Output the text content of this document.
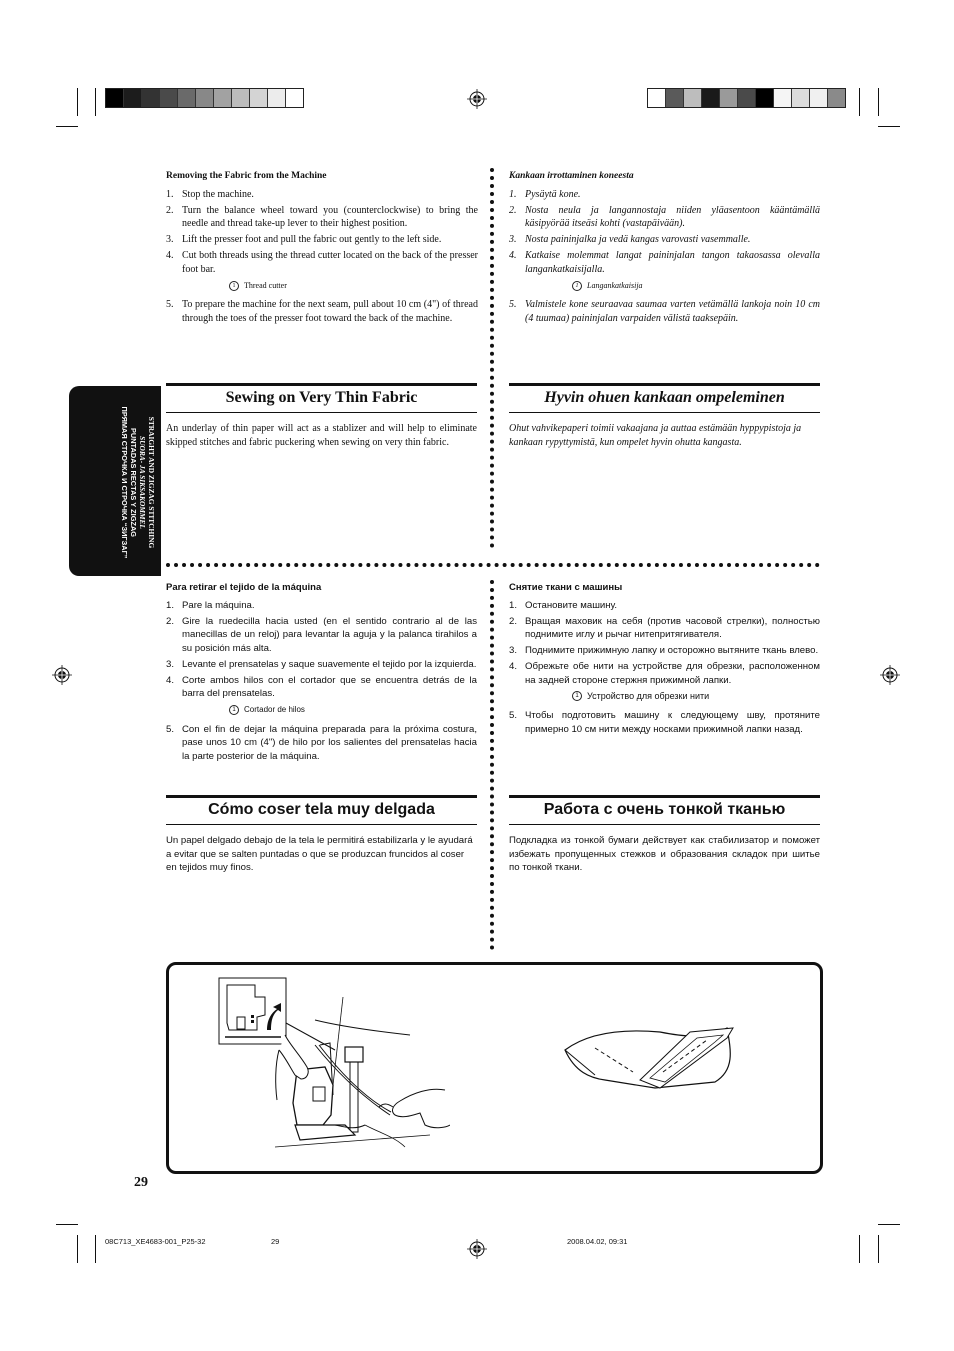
STRAIGHT AND ZIGZAG STITCHING
SUORA- JA SIKSAKOMMEL
PUNTADAS RECTAS Y ZIGZAG
ПРЯМАЯ СТРОЧКА И СТРОЧКА “ЗИГЗАГ”
Removing the Fabric from the Machine
1. Stop the machine.
2. Turn the balance wheel toward you (counterclockwise) to bring the needle and thread take-up lever to their highest position.
3. Lift the presser foot and pull the fabric out gently to the left side.
4. Cut both threads using the thread cutter located on the back of the presser foot bar.
1 Thread cutter
5. To prepare the machine for the next seam, pull about 10 cm (4") of thread through the toes of the presser foot toward the back of the machine.
Kankaan irrottaminen koneesta
1. Pysäytä kone.
2. Nosta neula ja langannostaja niiden yläasentoon kääntämällä käsipyörää itseäsi kohti (vastapäivään).
3. Nosta paininjalka ja vedä kangas varovasti vasemmalle.
4. Katkaise molemmat langat paininjalan tangon takaosassa olevalla langankatkaisijalla.
1 Langankatkaisija
5. Valmistele kone seuraavaa saumaa varten vetämällä lankoja noin 10 cm (4 tuumaa) paininjalan varpaiden välistä taaksepäin.
Sewing on Very Thin Fabric	Hyvin ohuen kankaan ompeleminen
An underlay of thin paper will act as a stablizer and will help to eliminate skipped stitches and fabric puckering when sewing on very thin fabric.
Ohut vahvikepaperi toimii vakaajana ja auttaa estämään hyppypistoja ja kankaan rypyttymistä, kun ompelet hyvin ohutta kangasta.
Para retirar el tejido de la máquina
1. Pare la máquina.
2. Gire la ruedecilla hacia usted (en el sentido contrario al de las manecillas de un reloj) para levantar la aguja y la palanca tirahilos a su posición más alta.
3. Levante el prensatelas y saque suavemente el tejido por la izquierda.
4. Corte ambos hilos con el cortador que se encuentra detrás de la barra del prensatelas.
1 Cortador de hilos
5. Con el fin de dejar la máquina preparada para la próxima costura, pase unos 10 cm (4") de hilo por los salientes del prensatelas hacia la parte posterior de la máquina.
Снятие ткани с машины
1. Остановите машину.
2. Вращая маховик на себя (против часовой стрелки), полностью поднимите иглу и рычаг нитепритягивателя.
3. Поднимите прижимную лапку и осторожно вытяните ткань влево.
4. Обрежьте обе нити на устройстве для обрезки, расположенном на задней стороне стержня прижимной лапки.
1 Устройство для обрезки нити
5. Чтобы подготовить машину к следующему шву, протяните примерно 10 см нити между носками прижимной лапки назад.
Cómo coser tela muy delgada	Работа с очень тонкой тканью
Un papel delgado debajo de la tela le permitirá estabilizarla y le ayudará a evitar que se salten puntadas o que se produzcan fruncidos al coser en tejidos muy finos.
Подкладка из тонкой бумаги действует как стабилизатор и поможет избежать пропущенных стежков и образования складок при шитье по тонкой ткани.
29
08C713_XE4683-001_P25-32	29	2008.04.02, 09:31
